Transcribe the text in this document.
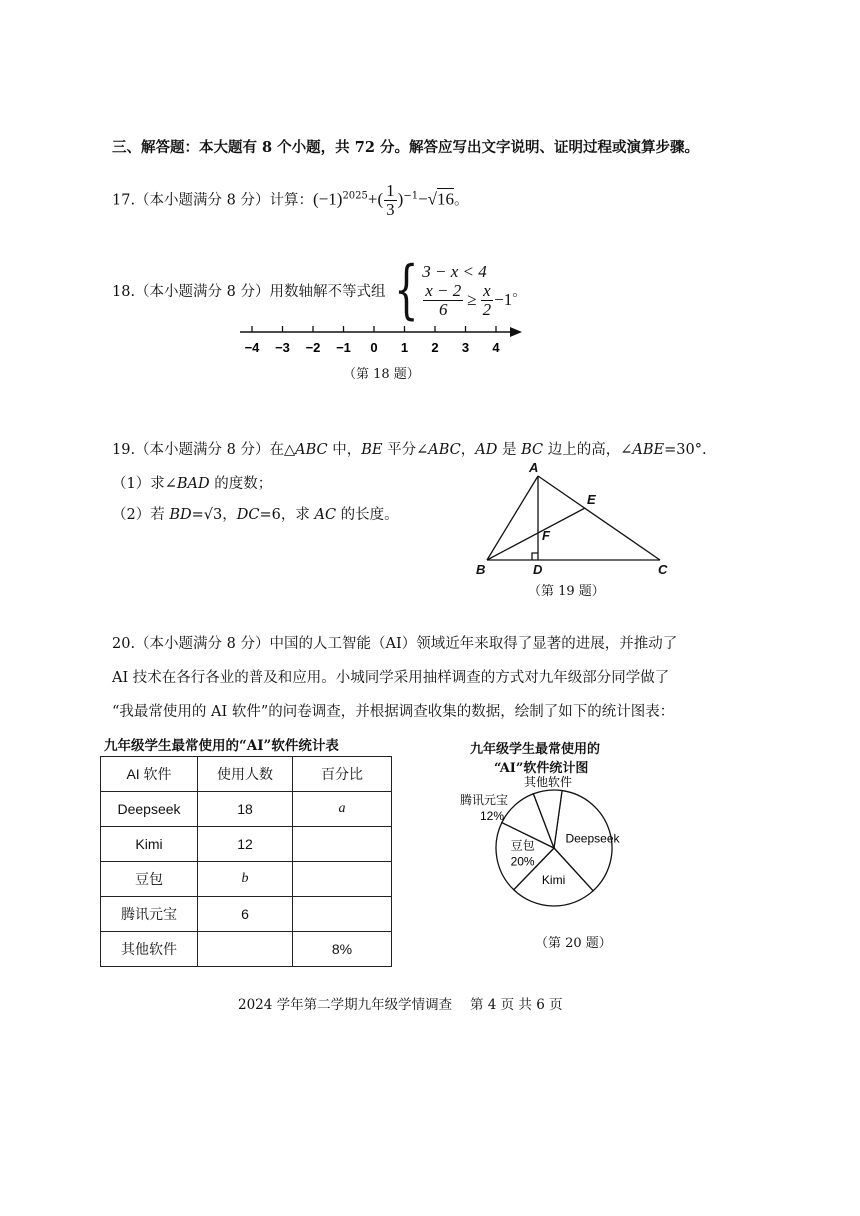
三、解答题：本大题有 8 个小题，共 72 分。解答应写出文字说明、证明过程或演算步骤。
17.（本小题满分 8 分）计算：$(-1)^{2025}+( \frac{1}{3} )^{-1}-√16$。
18.（本小题满分 8 分）用数轴解不等式组 { 3 − x < 4
$\frac{x - 2}{6} \ge \frac{x}{2} -1$ 。
−4 −3 −2 −1 0 1 2 3 4
（第 18 题）
19.（本小题满分 8 分）在△ABC 中，BE 平分∠ABC，AD 是 BC 边上的高，∠ABE=30°.
（1）求∠BAD 的度数；
（2）若 BD=√3，DC=6，求 AC 的长度。
A
B	C
D
E
F
（第 19 题）
20.（本小题满分 8 分）中国的人工智能（AI）领域近年来取得了显著的进展，并推动了
AI 技术在各行各业的普及和应用。小城同学采用抽样调查的方式对九年级部分同学做了
“我最常使用的 AI 软件”的问卷调查，并根据调查收集的数据，绘制了如下的统计图表：
九年级学生最常使用的“AI”软件统计表
AI 软件	使用人数	百分比
Deepseek	18	a
Kimi	12	
豆包	b	
腾讯元宝	6	
其他软件		8%
九年级学生最常使用的
“AI”软件统计图
Deepseek
Kimi
豆包
20%
腾讯元宝
12%
其他软件
（第 20 题）
2024 学年第二学期九年级学情调查　 第 4 页 共 6 页
